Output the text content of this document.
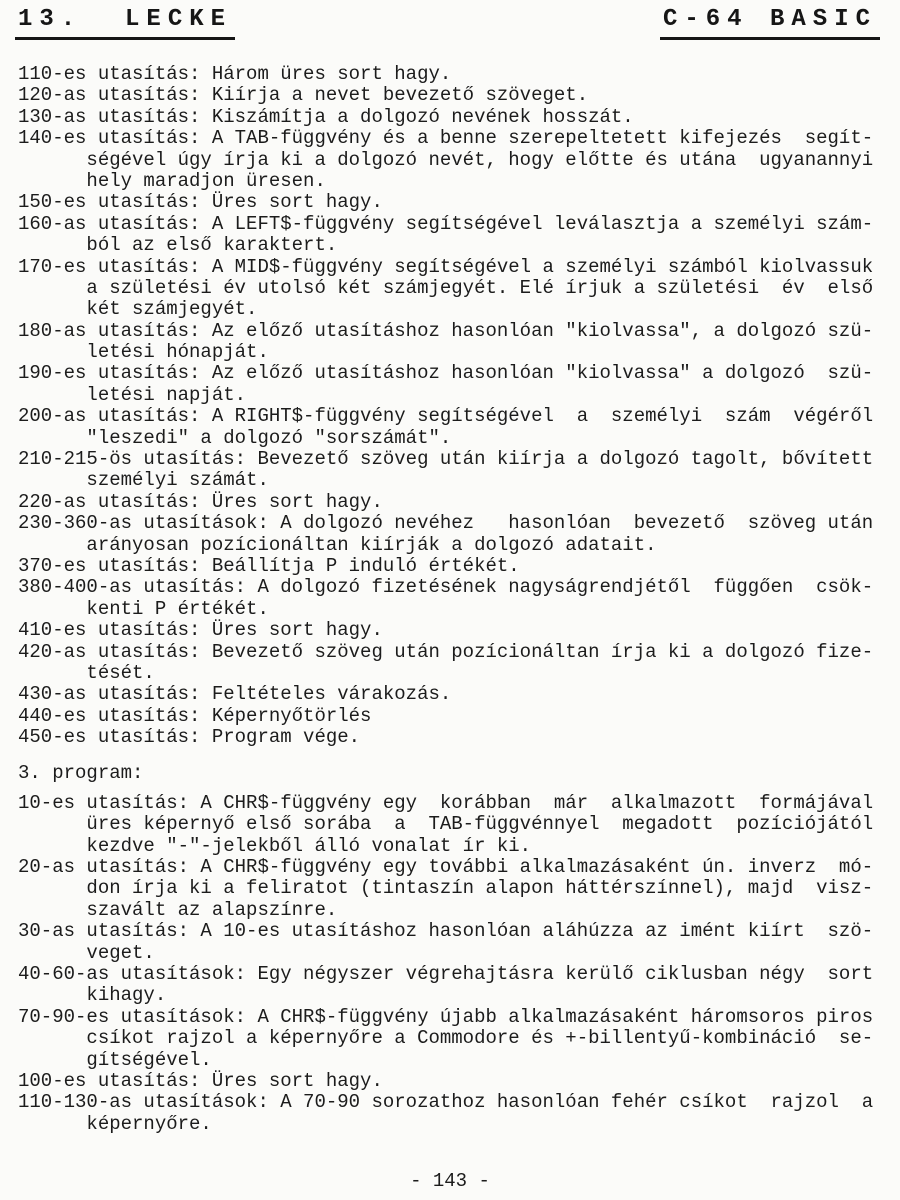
13.  LECKE	C-64 BASIC
110-es utasítás: Három üres sort hagy.
120-as utasítás: Kiírja a nevet bevezető szöveget.
130-as utasítás: Kiszámítja a dolgozó nevének hosszát.
140-es utasítás: A TAB-függvény és a benne szerepeltetett kifejezés  segít-
ségével úgy írja ki a dolgozó nevét, hogy előtte és utána  ugyanannyi
hely maradjon üresen.
150-es utasítás: Üres sort hagy.
160-as utasítás: A LEFT$-függvény segítségével leválasztja a személyi szám-
ból az első karaktert.
170-es utasítás: A MID$-függvény segítségével a személyi számból kiolvassuk
a születési év utolsó két számjegyét. Elé írjuk a születési  év  első
két számjegyét.
180-as utasítás: Az előző utasításhoz hasonlóan "kiolvassa", a dolgozó szü-
letési hónapját.
190-es utasítás: Az előző utasításhoz hasonlóan "kiolvassa" a dolgozó  szü-
letési napját.
200-as utasítás: A RIGHT$-függvény segítségével  a  személyi  szám  végéről
"leszedi" a dolgozó "sorszámát".
210-215-ös utasítás: Bevezető szöveg után kiírja a dolgozó tagolt, bővített
személyi számát.
220-as utasítás: Üres sort hagy.
230-360-as utasítások: A dolgozó nevéhez   hasonlóan  bevezető  szöveg után
arányosan pozícionáltan kiírják a dolgozó adatait.
370-es utasítás: Beállítja P induló értékét.
380-400-as utasítás: A dolgozó fizetésének nagyságrendjétől  függően  csök-
kenti P értékét.
410-es utasítás: Üres sort hagy.
420-as utasítás: Bevezető szöveg után pozícionáltan írja ki a dolgozó fize-
tését.
430-as utasítás: Feltételes várakozás.
440-es utasítás: Képernyőtörlés
450-es utasítás: Program vége.
3. program:
10-es utasítás: A CHR$-függvény egy  korábban  már  alkalmazott  formájával
üres képernyő első sorába  a  TAB-függvénnyel  megadott  pozíciójától
kezdve "-"-jelekből álló vonalat ír ki.
20-as utasítás: A CHR$-függvény egy további alkalmazásaként ún. inverz  mó-
don írja ki a feliratot (tintaszín alapon háttérszínnel), majd  visz-
szavált az alapszínre.
30-as utasítás: A 10-es utasításhoz hasonlóan aláhúzza az imént kiírt  szö-
veget.
40-60-as utasítások: Egy négyszer végrehajtásra kerülő ciklusban négy  sort
kihagy.
70-90-es utasítások: A CHR$-függvény újabb alkalmazásaként háromsoros piros
csíkot rajzol a képernyőre a Commodore és +-billentyű-kombináció  se-
gítségével.
100-es utasítás: Üres sort hagy.
110-130-as utasítások: A 70-90 sorozathoz hasonlóan fehér csíkot  rajzol  a
képernyőre.
- 143 -
